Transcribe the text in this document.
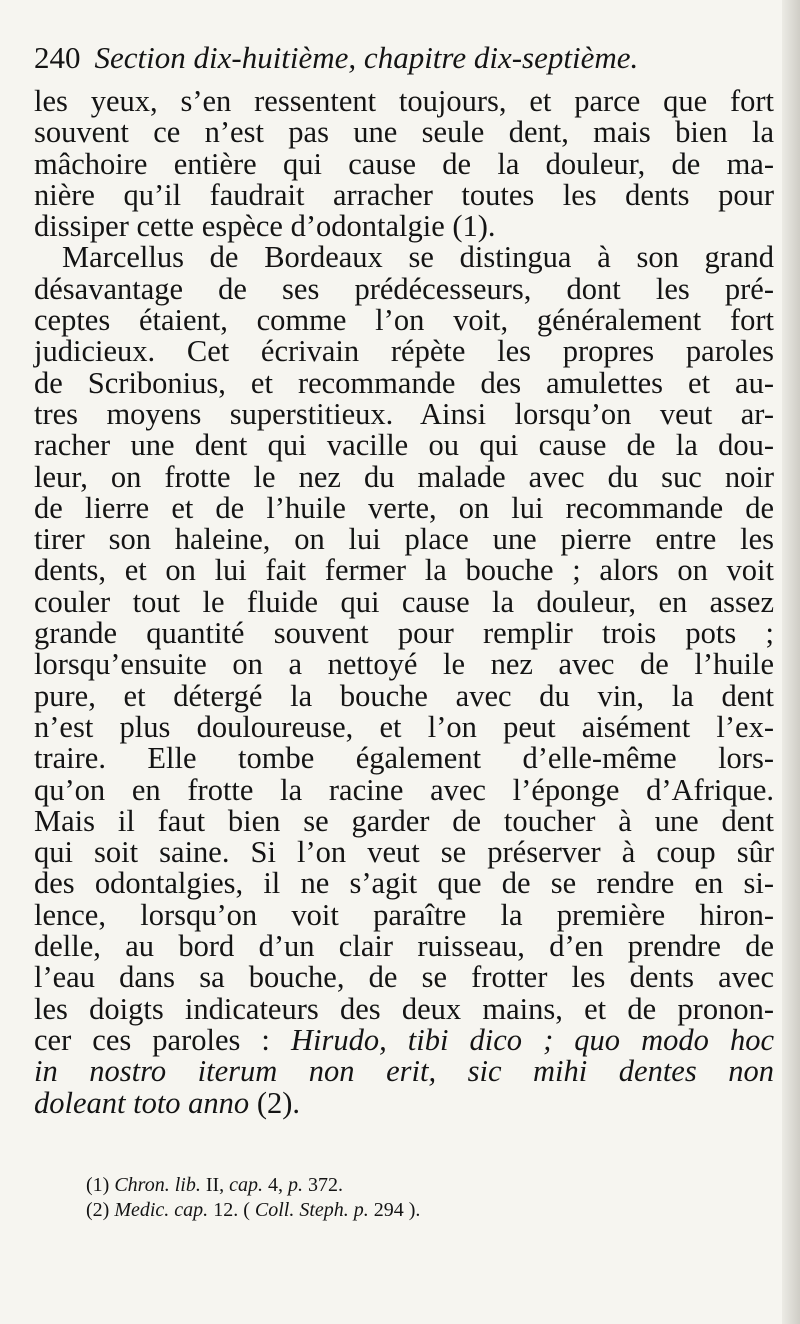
240 Section dix-huitième, chapitre dix-septième.
les yeux, s’en ressentent toujours, et parce que fort
souvent ce n’est pas une seule dent, mais bien la
mâchoire entière qui cause de la douleur, de ma-
nière qu’il faudrait arracher toutes les dents pour
dissiper cette espèce d’odontalgie (1).
Marcellus de Bordeaux se distingua à son grand
désavantage de ses prédécesseurs, dont les pré-
ceptes étaient, comme l’on voit, généralement fort
judicieux. Cet écrivain répète les propres paroles
de Scribonius, et recommande des amulettes et au-
tres moyens superstitieux. Ainsi lorsqu’on veut ar-
racher une dent qui vacille ou qui cause de la dou-
leur, on frotte le nez du malade avec du suc noir
de lierre et de l’huile verte, on lui recommande de
tirer son haleine, on lui place une pierre entre les
dents, et on lui fait fermer la bouche ; alors on voit
couler tout le fluide qui cause la douleur, en assez
grande quantité souvent pour remplir trois pots ;
lorsqu’ensuite on a nettoyé le nez avec de l’huile
pure, et détergé la bouche avec du vin, la dent
n’est plus douloureuse, et l’on peut aisément l’ex-
traire. Elle tombe également d’elle-même lors-
qu’on en frotte la racine avec l’éponge d’Afrique.
Mais il faut bien se garder de toucher à une dent
qui soit saine. Si l’on veut se préserver à coup sûr
des odontalgies, il ne s’agit que de se rendre en si-
lence, lorsqu’on voit paraître la première hiron-
delle, au bord d’un clair ruisseau, d’en prendre de
l’eau dans sa bouche, de se frotter les dents avec
les doigts indicateurs des deux mains, et de pronon-
cer ces paroles : Hirudo, tibi dico ; quo modo hoc
in nostro iterum non erit, sic mihi dentes non
doleant toto anno (2).
(1) Chron. lib. II, cap. 4, p. 372.
(2) Medic. cap. 12. ( Coll. Steph. p. 294 ).
